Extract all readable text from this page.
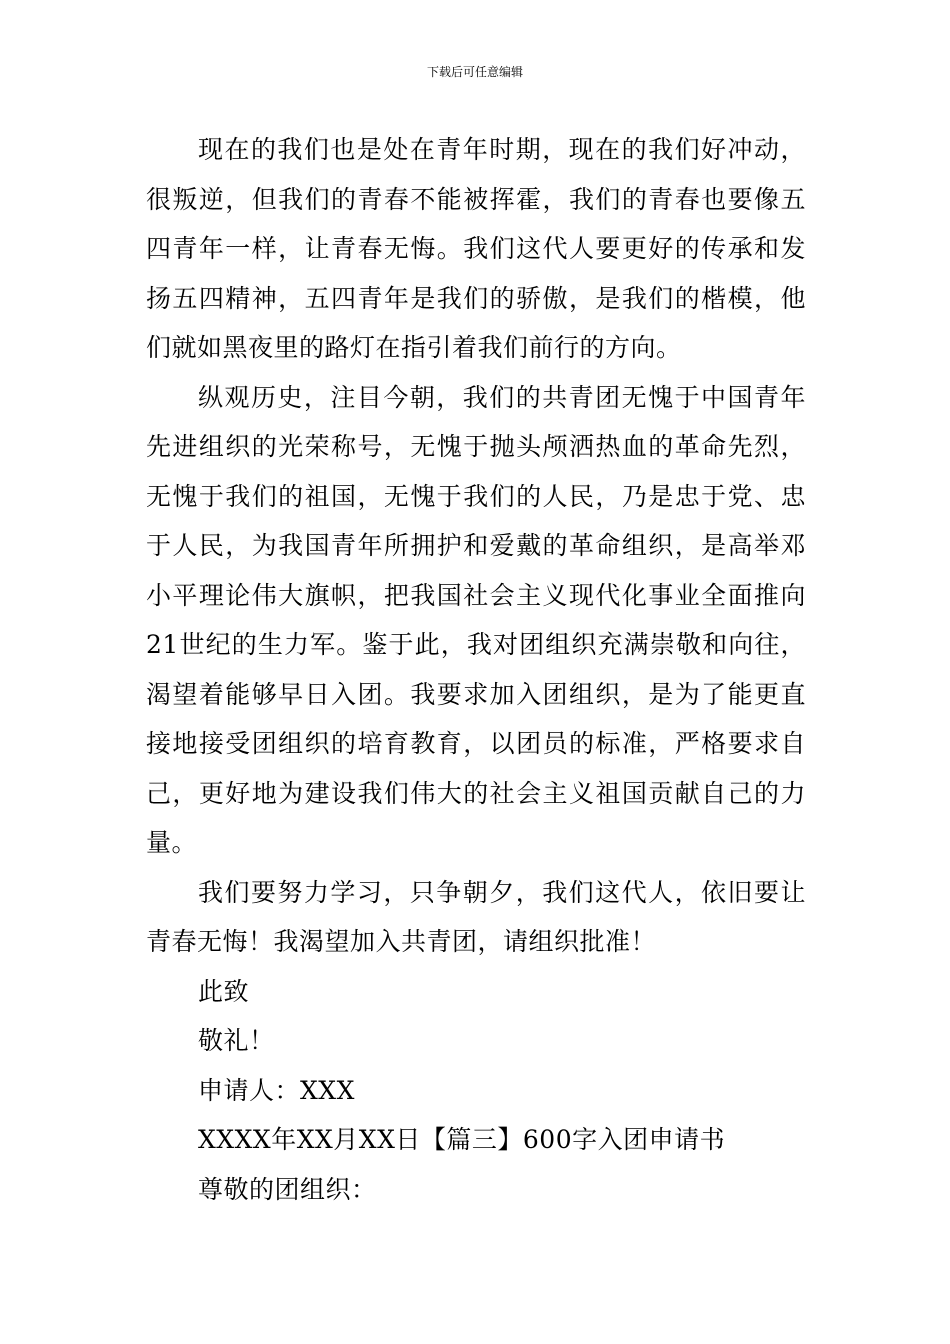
下载后可任意编辑

现在的我们也是处在青年时期，现在的我们好冲动，很叛逆，但我们的青春不能被挥霍，我们的青春也要像五四青年一样，让青春无悔。我们这代人要更好的传承和发扬五四精神，五四青年是我们的骄傲，是我们的楷模，他们就如黑夜里的路灯在指引着我们前行的方向。

纵观历史，注目今朝，我们的共青团无愧于中国青年先进组织的光荣称号，无愧于抛头颅洒热血的革命先烈，无愧于我们的祖国，无愧于我们的人民，乃是忠于党、忠于人民，为我国青年所拥护和爱戴的革命组织，是高举邓小平理论伟大旗帜，把我国社会主义现代化事业全面推向21世纪的生力军。鉴于此，我对团组织充满崇敬和向往，渴望着能够早日入团。我要求加入团组织，是为了能更直接地接受团组织的培育教育，以团员的标准，严格要求自己，更好地为建设我们伟大的社会主义祖国贡献自己的力量。

我们要努力学习，只争朝夕，我们这代人，依旧要让青春无悔！我渴望加入共青团，请组织批准！

此致

敬礼！

申请人：XXX

XXXX年XX月XX日【篇三】600字入团申请书

尊敬的团组织：
